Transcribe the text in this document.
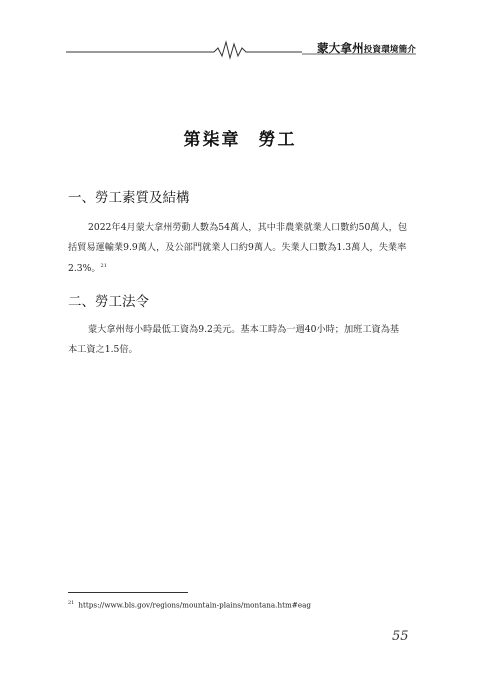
蒙大拿州投資環境簡介
第柒章 勞工
一、勞工素質及結構
2022年4月蒙大拿州勞動人數為54萬人，其中非農業就業人口數約50萬人，包
括貿易運輸業9.9萬人，及公部門就業人口約9萬人。失業人口數為1.3萬人，失業率
2.3%。$^{21}$
二、勞工法令
蒙大拿州每小時最低工資為9.2美元。基本工時為一週40小時；加班工資為基
本工資之1.5倍。
$^{21}$ https://www.bls.gov/regions/mountain-plains/montana.htm#eag
55
